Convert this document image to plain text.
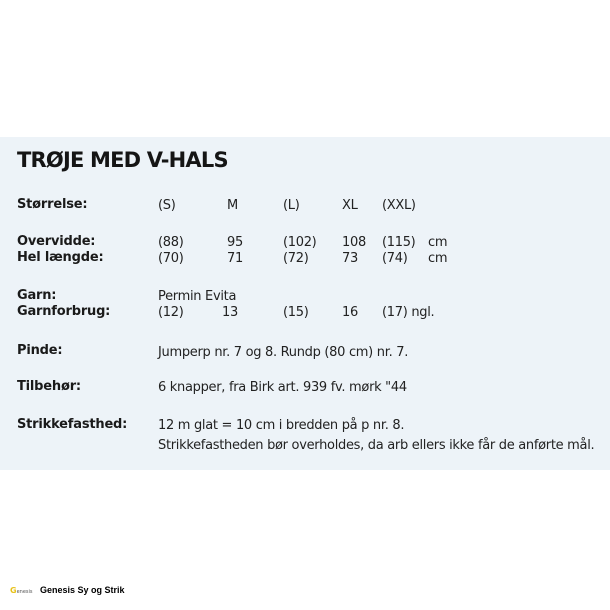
TRØJE MED V-HALS
Størrelse:	(S)	M	(L)	XL (XXL)
Overvidde:	(88)	95	(102) 108 (115) cm
Hel længde:	(70)	71	(72)	73 (74) cm
Garn:	Permin Evita
Garnforbrug:	(12)	13	(15)	16 (17) ngl.
Pinde:	Jumperp nr. 7 og 8. Rundp (80 cm) nr. 7.
Tilbehør:	6 knapper, fra Birk art. 939 fv. mørk "44
Strikkefasthed: 12 m glat = 10 cm i bredden på p nr. 8.
Strikkefastheden bør overholdes, da arb ellers ikke får de anførte mål.
Genesis Genesis Sy og Strik
